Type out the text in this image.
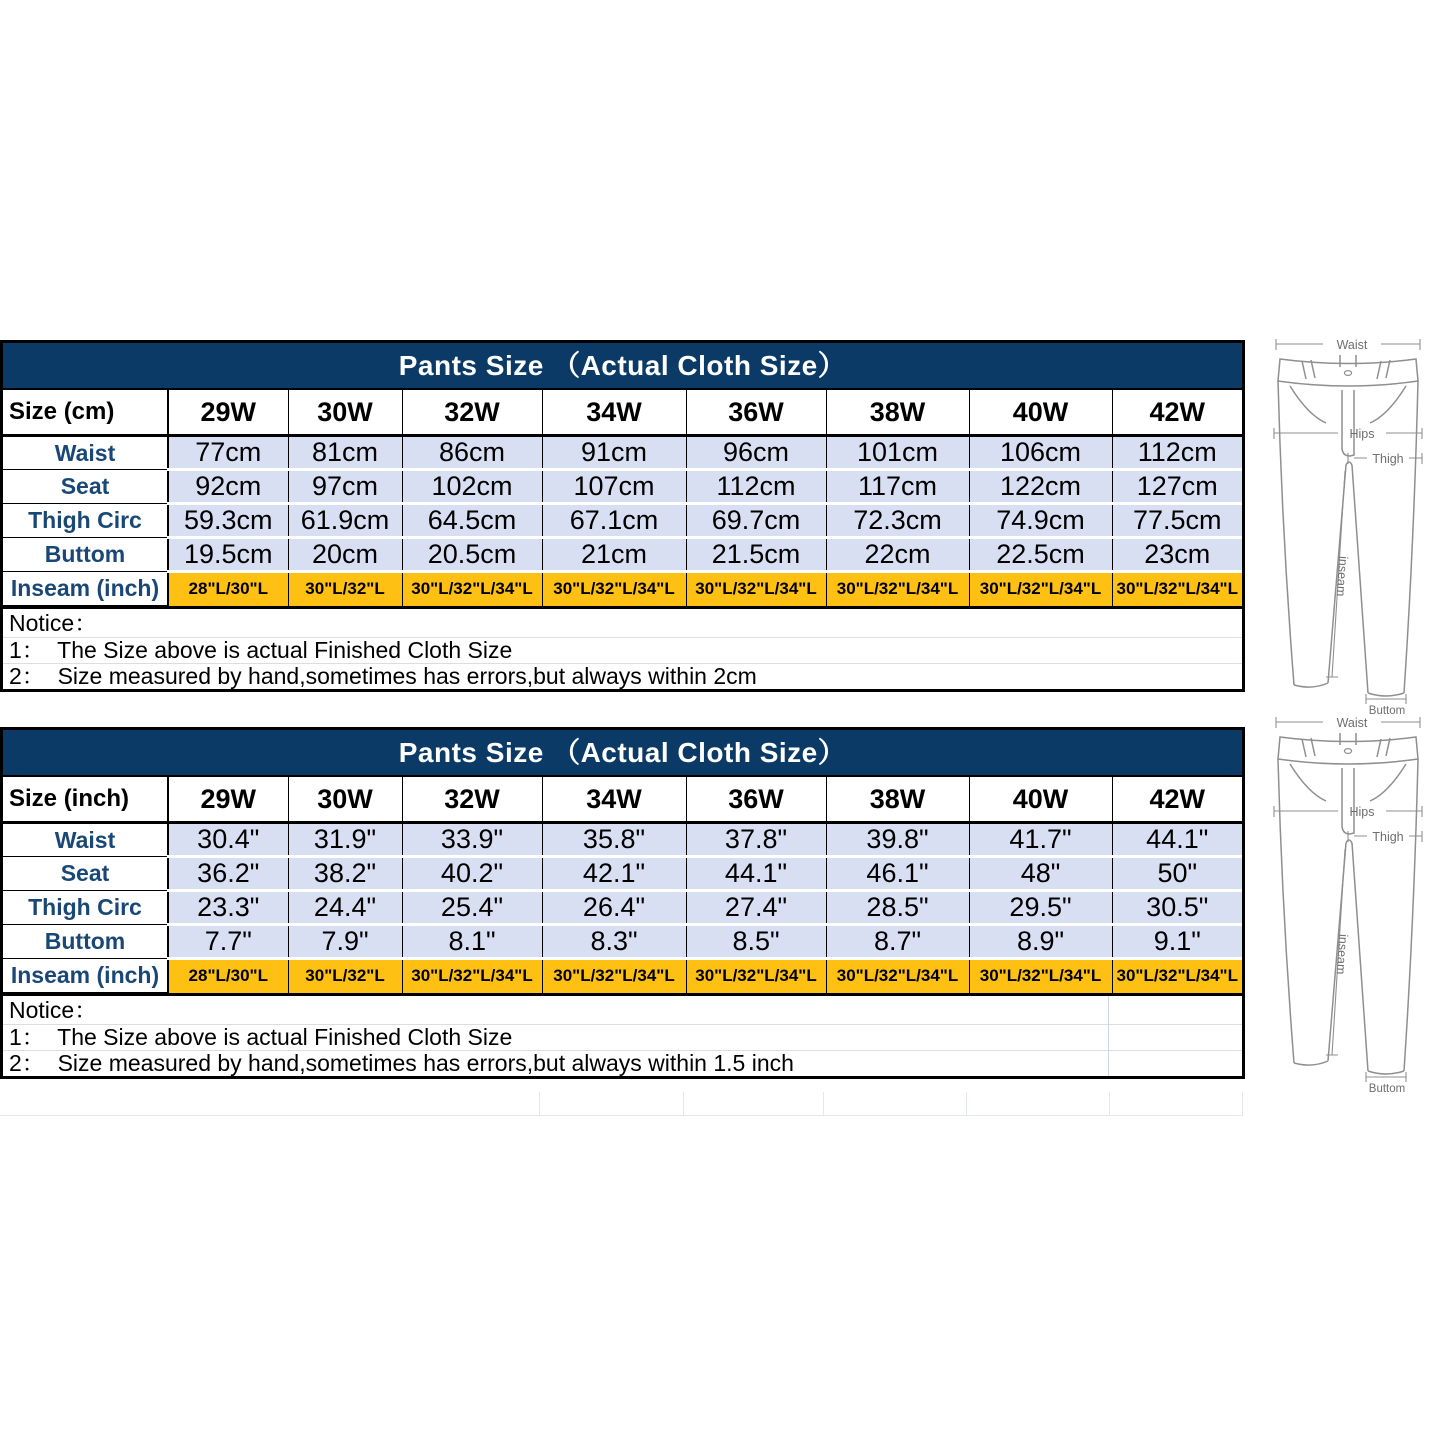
Pants Size （Actual Cloth Size）
Size (cm)	29W	30W	32W	34W	36W	38W	40W	42W
Waist	77cm	81cm	86cm	91cm	96cm	101cm	106cm	112cm
Seat	92cm	97cm	102cm	107cm	112cm	117cm	122cm	127cm
Thigh Circ	59.3cm	61.9cm	64.5cm	67.1cm	69.7cm	72.3cm	74.9cm	77.5cm
Buttom	19.5cm	20cm	20.5cm	21cm	21.5cm	22cm	22.5cm	23cm
Inseam (inch)	28"L/30"L	30"L/32"L	30"L/32"L/34"L	30"L/32"L/34"L	30"L/32"L/34"L	30"L/32"L/34"L	30"L/32"L/34"L	30"L/32"L/34"L
Notice：
1：  The Size above is actual Finished Cloth Size
2：  Size measured by hand,sometimes has errors,but always within 2cm
Pants Size （Actual Cloth Size）
Size (inch)	29W	30W	32W	34W	36W	38W	40W	42W
Waist	30.4"	31.9"	33.9"	35.8"	37.8"	39.8"	41.7"	44.1"
Seat	36.2"	38.2"	40.2"	42.1"	44.1"	46.1"	48"	50"
Thigh Circ	23.3"	24.4"	25.4"	26.4"	27.4"	28.5"	29.5"	30.5"
Buttom	7.7"	7.9"	8.1"	8.3"	8.5"	8.7"	8.9"	9.1"
Inseam (inch)	28"L/30"L	30"L/32"L	30"L/32"L/34"L	30"L/32"L/34"L	30"L/32"L/34"L	30"L/32"L/34"L	30"L/32"L/34"L	30"L/32"L/34"L
Notice：
1：  The Size above is actual Finished Cloth Size
2：  Size measured by hand,sometimes has errors,but always within 1.5 inch
Waist
Hips
Thigh
inseam
Buttom
Waist
Hips
Thigh
inseam
Buttom
